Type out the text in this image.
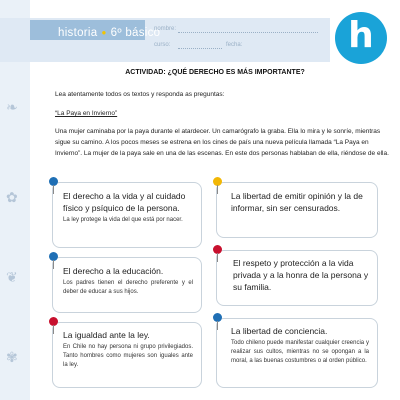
❧
✿
❦
✾
historia ● 6º básico
nombre:
curso:	fecha:	h
ACTIVIDAD: ¿QUÉ DERECHO ES MÁS IMPORTANTE?
Lea atentamente todos os textos y responda as preguntas:
“La Paya en Invierno”
Una mujer caminaba por la paya durante el atardecer. Un camarógrafo la graba. Ella lo mira y le sonríe, mientras sigue su camino. A los pocos meses se estrena en los cines de país una nueva película llamada “La Paya en Invierno”. La mujer de la paya sale en una de las escenas. En este dos personas hablaban de ella, riéndose de ella.
El derecho a la vida y al cuidado físico y psíquico de la persona.
La ley protege la vida del que está por nacer.
La libertad de emitir opinión y la de informar, sin ser censurados.
El derecho a la educación.
Los padres tienen el derecho preferente y el deber de educar a sus hijos.
El respeto y protección a la vida privada y a la honra de la persona y su familia.
La igualdad ante la ley.
En Chile no hay persona ni grupo privilegiados. Tanto hombres como mujeres son iguales ante la ley.
La libertad de conciencia.
Todo chileno puede manifestar cualquier creencia y realizar sus cultos, mientras no se opongan a la moral, a las buenas costumbres o al orden público.
